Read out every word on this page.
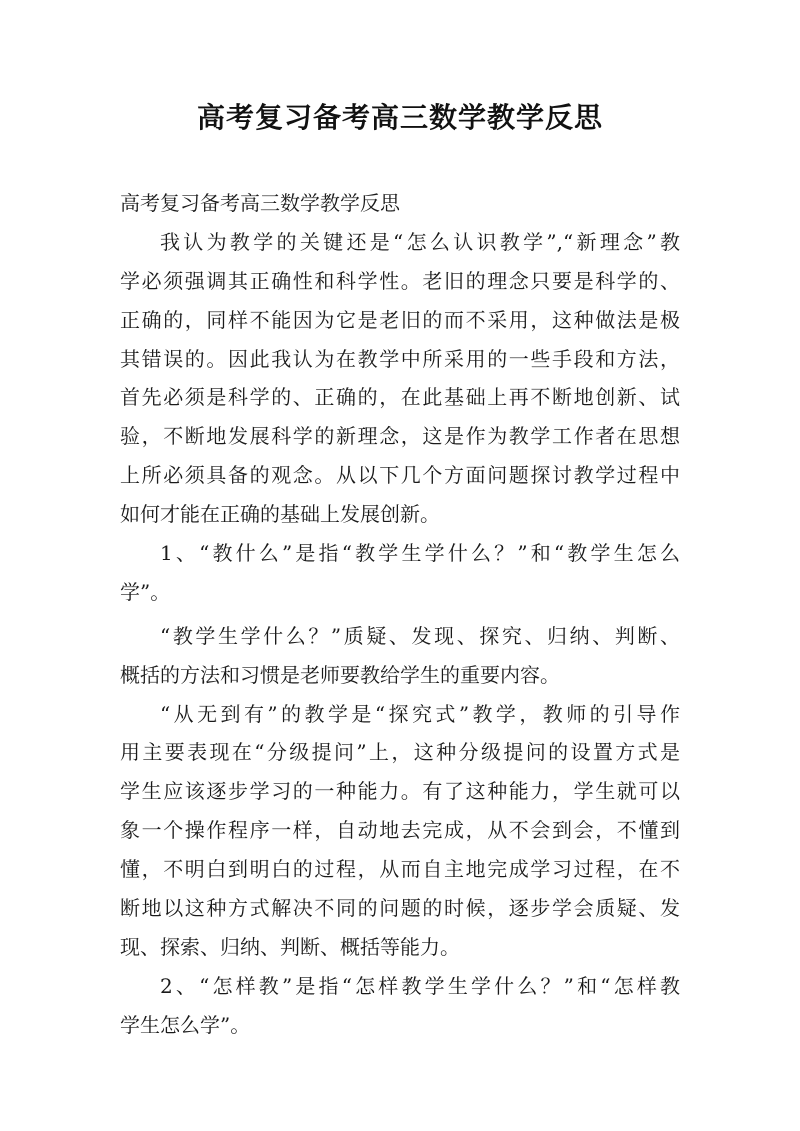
高考复习备考高三数学教学反思
高考复习备考高三数学教学反思
我认为教学的关键还是“怎么认识教学”,“新理念”教
学必须强调其正确性和科学性。老旧的理念只要是科学的、
正确的，同样不能因为它是老旧的而不采用，这种做法是极
其错误的。因此我认为在教学中所采用的一些手段和方法，
首先必须是科学的、正确的，在此基础上再不断地创新、试
验，不断地发展科学的新理念，这是作为教学工作者在思想
上所必须具备的观念。从以下几个方面问题探讨教学过程中
如何才能在正确的基础上发展创新。
1、“教什么”是指“教学生学什么？”和“教学生怎么
学”。
“教学生学什么？”质疑、发现、探究、归纳、判断、
概括的方法和习惯是老师要教给学生的重要内容。
“从无到有”的教学是“探究式”教学，教师的引导作
用主要表现在“分级提问”上，这种分级提问的设置方式是
学生应该逐步学习的一种能力。有了这种能力，学生就可以
象一个操作程序一样，自动地去完成，从不会到会，不懂到
懂，不明白到明白的过程，从而自主地完成学习过程，在不
断地以这种方式解决不同的问题的时候，逐步学会质疑、发
现、探索、归纳、判断、概括等能力。
2、“怎样教”是指“怎样教学生学什么？”和“怎样教
学生怎么学”。
